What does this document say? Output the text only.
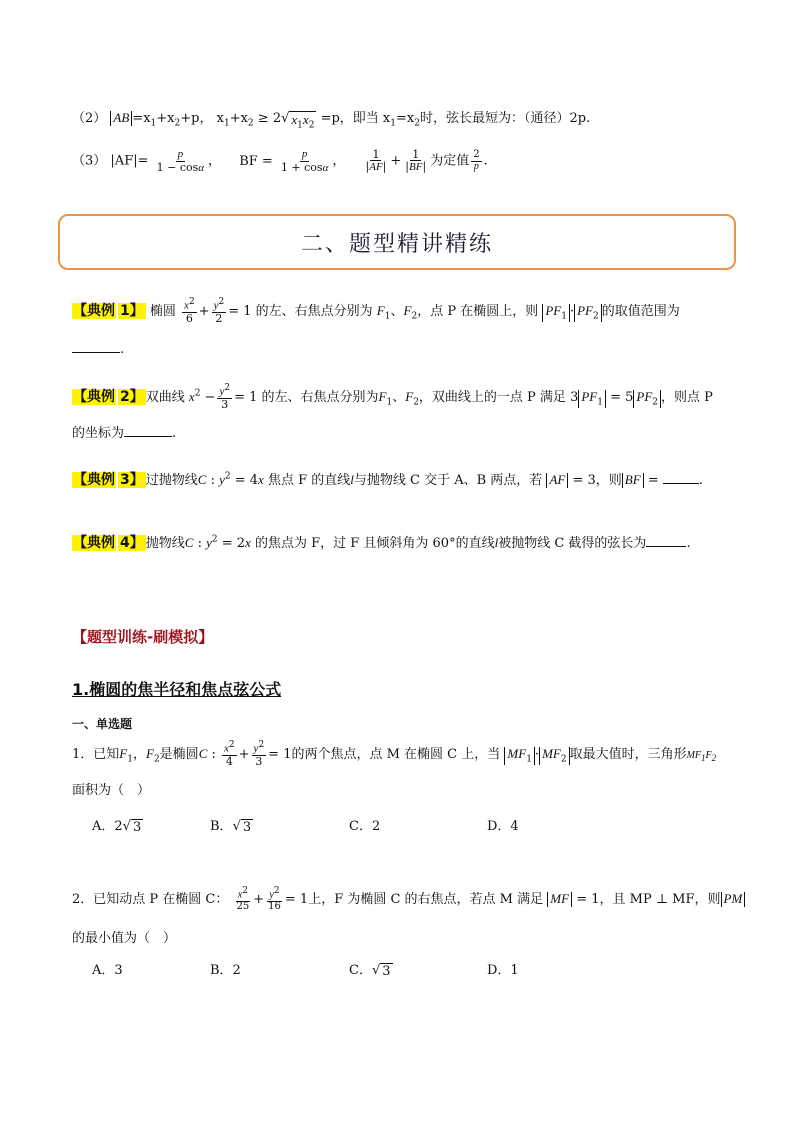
（2） AB $=x_1+x_2+p$， $x_1+x_2 \ge 2√$ $x_1x_2 =p$，即当 $x_1=x_2$时，弦长最短为：（通径）2p.
（3） $|AF|= \frac{p}{1 - \cos\alpha}$ ， BF = $\frac{p}{1 + \cos\alpha}$ ， $\frac{1}{|AF|} + \frac{1}{|BF|}$ 为定值 $\frac{2}{p}$ .
二、题型精讲精练
【典例 1】 椭圆 $\frac{x^2}{6} + \frac{y^2}{2} = 1$ 的左、右焦点分别为 $F_1$、$F_2$，点 P 在椭圆上，则 $PF_1 \cdot PF_2$ 的取值范围为
.
【典例 2】 双曲线 $x^2 - \frac{y^2}{3} = 1$ 的左、右焦点分别为$F_1$、$F_2$，双曲线上的一点 P 满足 3 $PF_1 = 5$ $PF_2$ ，则点 P
的坐标为	.
【典例 3】 过抛物线C : $y^2 = 4x$ 焦点 F 的直线l与抛物线 C 交于 A、B 两点，若 AF = 3，则 BF =	.
【典例 4】 抛物线C : $y^2 = 2x$ 的焦点为 F，过 F 且倾斜角为 60°的直线l被抛物线 C 截得的弦长为	.
【题型训练-刷模拟】
1.椭圆的焦半径和焦点弦公式
一、单选题
1．已知$F_1$，$F_2$是椭圆C : $\frac{x^2}{4} + \frac{y^2}{3} = 1$的两个焦点，点 M 在椭圆 C 上，当 $MF_1 \cdot MF_2$ 取最大值时，三角形$MF_1F_2$
面积为（　）
A．2√ 3	B．√ 3	C．2	D．4
2．已知动点 P 在椭圆 C： $\frac{x^2}{25} + \frac{y^2}{16} = 1$上，F 为椭圆 C 的右焦点，若点 M 满足 MF = 1，且 MP ⊥ MF，则 PM
的最小值为（　）
A．3	B．2	C．√ 3	D．1
